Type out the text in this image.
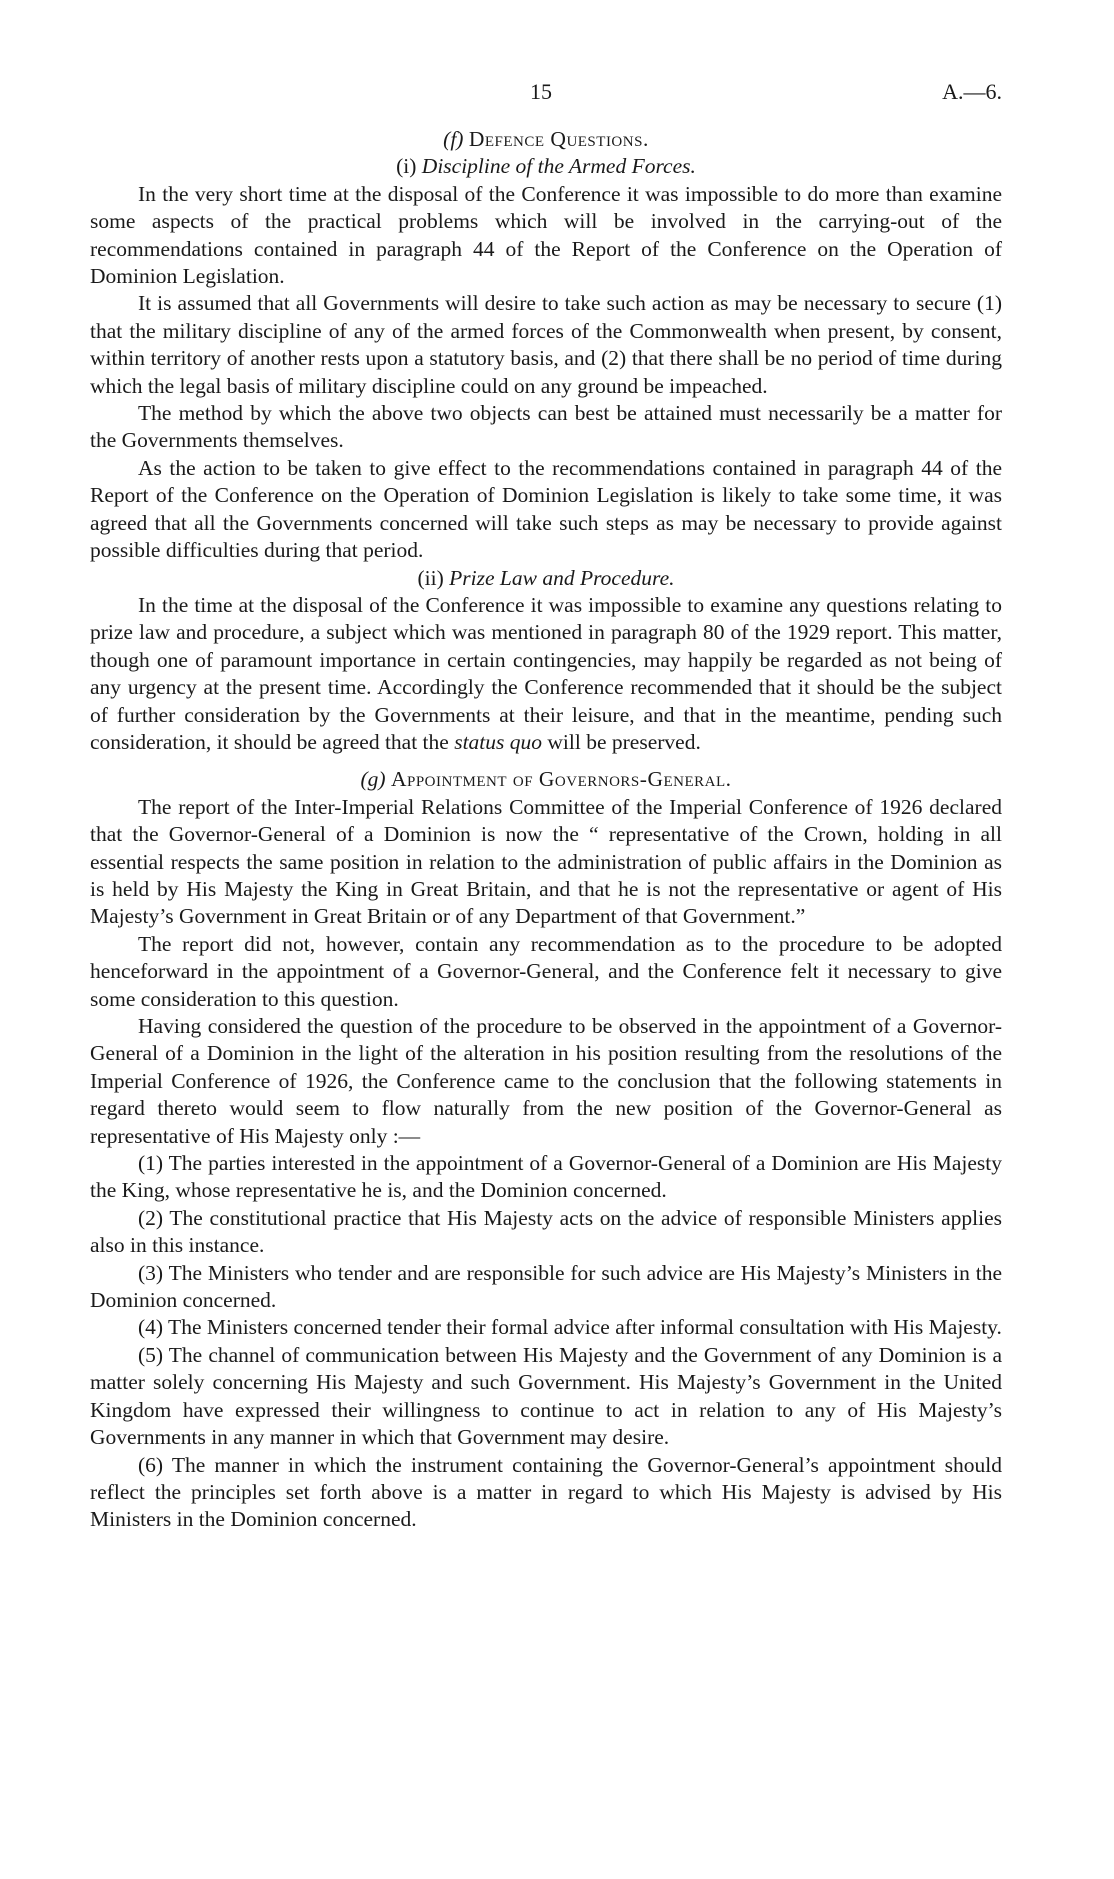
15	A.—6.
(f) Defence Questions.
(i) Discipline of the Armed Forces.

In the very short time at the disposal of the Conference it was impossible to do more than examine some aspects of the practical problems which will be involved in the carrying-out of the recommendations contained in paragraph 44 of the Report of the Conference on the Operation of Dominion Legislation.

It is assumed that all Governments will desire to take such action as may be necessary to secure (1) that the military discipline of any of the armed forces of the Commonwealth when present, by consent, within territory of another rests upon a statutory basis, and (2) that there shall be no period of time during which the legal basis of military discipline could on any ground be impeached.

The method by which the above two objects can best be attained must necessarily be a matter for the Governments themselves.

As the action to be taken to give effect to the recommendations contained in paragraph 44 of the Report of the Conference on the Operation of Dominion Legislation is likely to take some time, it was agreed that all the Governments concerned will take such steps as may be necessary to provide against possible difficulties during that period.

(ii) Prize Law and Procedure.

In the time at the disposal of the Conference it was impossible to examine any questions relating to prize law and procedure, a subject which was mentioned in paragraph 80 of the 1929 report. This matter, though one of paramount importance in certain contingencies, may happily be regarded as not being of any urgency at the present time. Accordingly the Conference recommended that it should be the subject of further consideration by the Governments at their leisure, and that in the meantime, pending such consideration, it should be agreed that the status quo will be preserved.

(g) Appointment of Governors-General.

The report of the Inter-Imperial Relations Committee of the Imperial Conference of 1926 declared that the Governor-General of a Dominion is now the “ representative of the Crown, holding in all essential respects the same position in relation to the administration of public affairs in the Dominion as is held by His Majesty the King in Great Britain, and that he is not the representative or agent of His Majesty’s Government in Great Britain or of any Department of that Government.”

The report did not, however, contain any recommendation as to the procedure to be adopted henceforward in the appointment of a Governor-General, and the Conference felt it necessary to give some consideration to this question.

Having considered the question of the procedure to be observed in the appointment of a Governor-General of a Dominion in the light of the alteration in his position resulting from the resolutions of the Imperial Conference of 1926, the Conference came to the conclusion that the following statements in regard thereto would seem to flow naturally from the new position of the Governor-General as representative of His Majesty only :—

(1) The parties interested in the appointment of a Governor-General of a Dominion are His Majesty the King, whose representative he is, and the Dominion concerned.

(2) The constitutional practice that His Majesty acts on the advice of responsible Ministers applies also in this instance.

(3) The Ministers who tender and are responsible for such advice are His Majesty’s Ministers in the Dominion concerned.

(4) The Ministers concerned tender their formal advice after informal consultation with His Majesty.

(5) The channel of communication between His Majesty and the Government of any Dominion is a matter solely concerning His Majesty and such Government. His Majesty’s Government in the United Kingdom have expressed their willingness to continue to act in relation to any of His Majesty’s Governments in any manner in which that Government may desire.

(6) The manner in which the instrument containing the Governor-General’s appointment should reflect the principles set forth above is a matter in regard to which His Majesty is advised by His Ministers in the Dominion concerned.
